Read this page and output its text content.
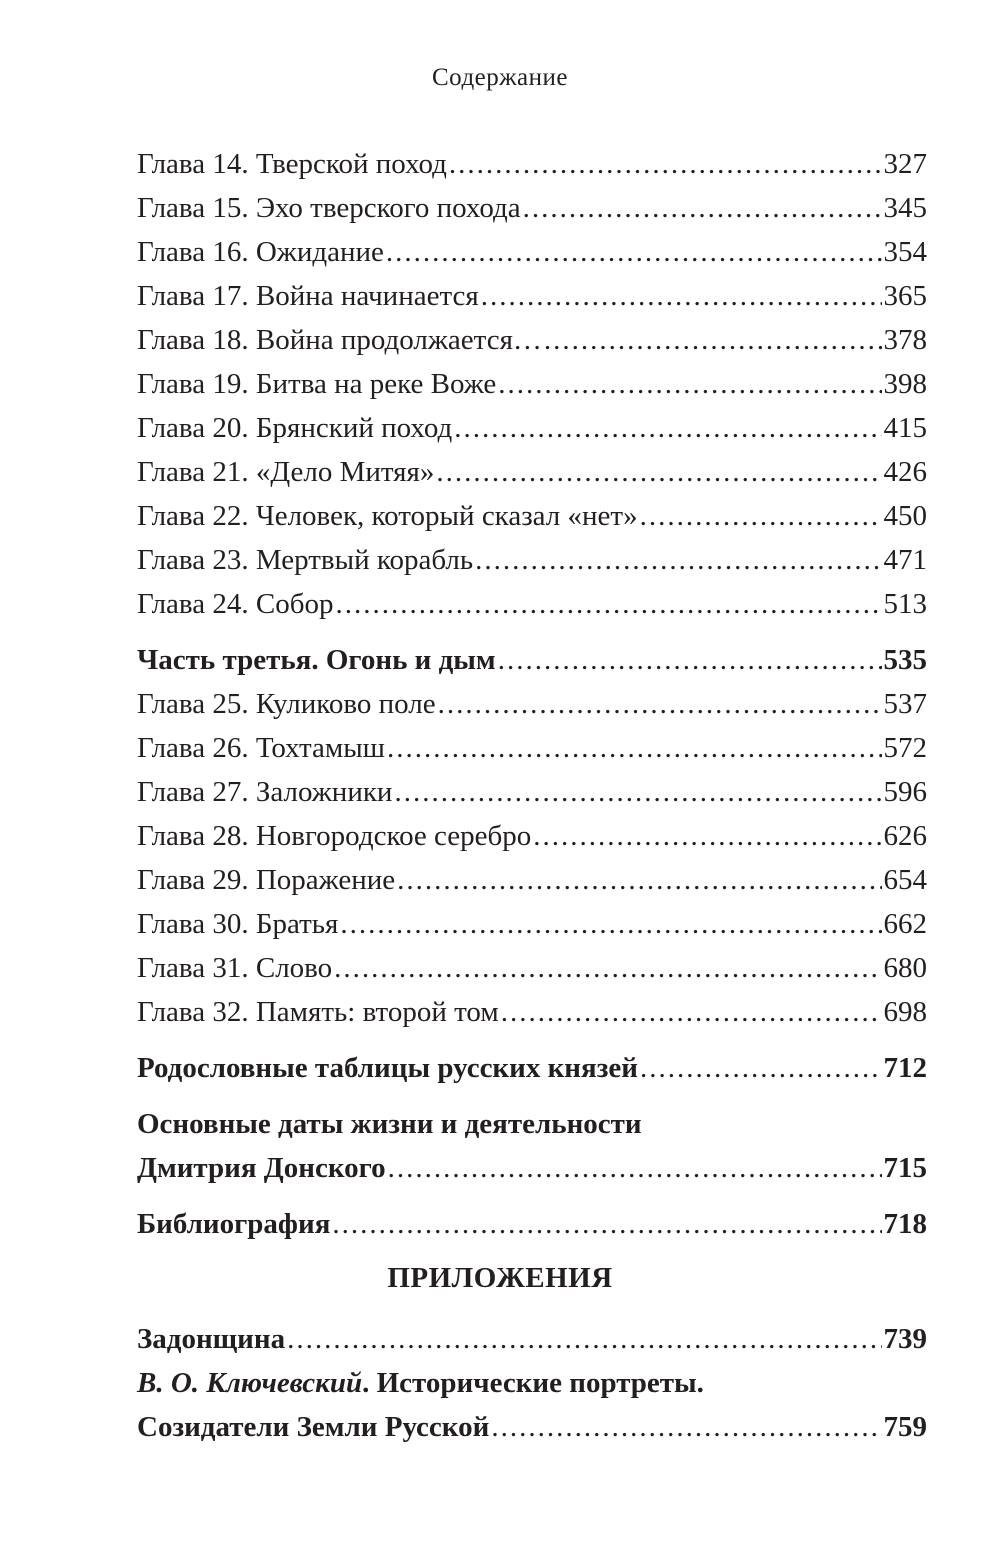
Содержание
Глава 14. Тверской поход .....	327
Глава 15. Эхо тверского похода .....	345
Глава 16. Ожидание .....	354
Глава 17. Война начинается .....	365
Глава 18. Война продолжается… .....	378
Глава 19. Битва на реке Воже .....	398
Глава 20. Брянский поход .....	415
Глава 21. «Дело Митяя» .....	426
Глава 22. Человек, который сказал «нет» .....	450
Глава 23. Мертвый корабль .....	471
Глава 24. Собор .....	513
Часть третья. Огонь и дым .....	535
Глава 25. Куликово поле .....	537
Глава 26. Тохтамыш .....	572
Глава 27. Заложники .....	596
Глава 28. Новгородское серебро .....	626
Глава 29. Поражение .....	654
Глава 30. Братья .....	662
Глава 31. Слово .....	680
Глава 32. Память: второй том .....	698
Родословные таблицы русских князей .....	712
Основные даты жизни и деятельности
Дмитрия Донского .....	715
Библиография .....	718
Задонщина .....	739
В. О. Ключевский. Исторические портреты.
Созидатели Земли Русской .....	759
ПРИЛОЖЕНИЯ
